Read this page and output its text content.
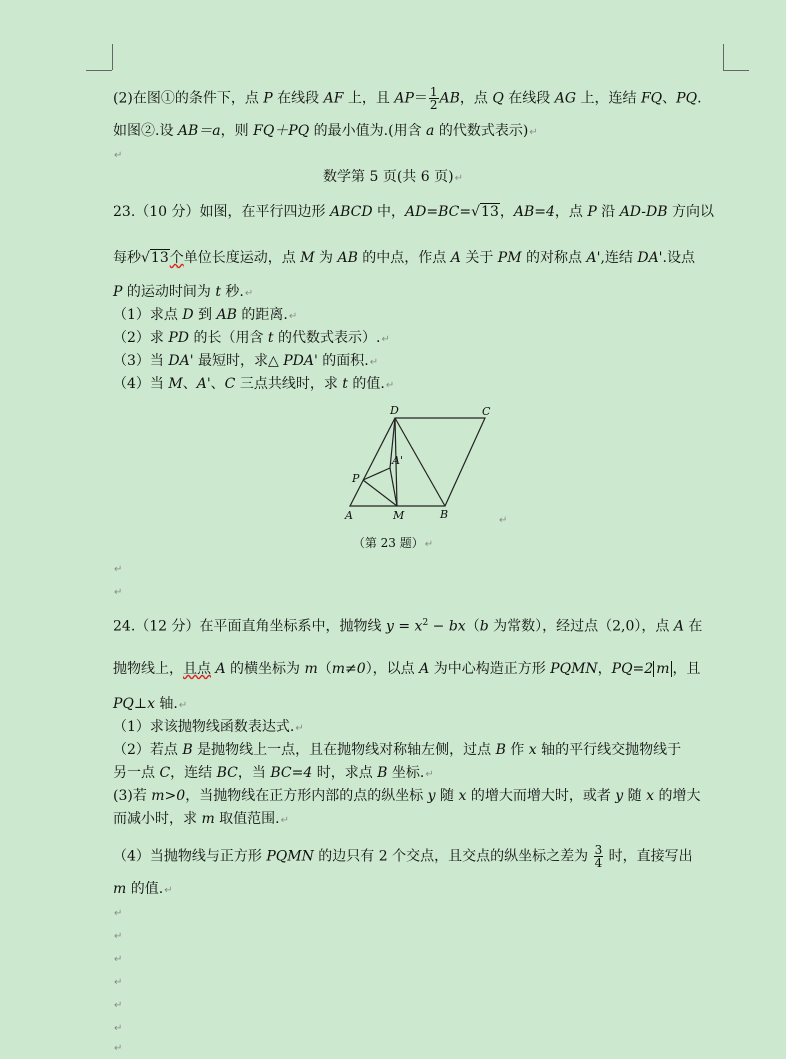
(2)在图①的条件下，点 P 在线段 AF 上，且 $AP= \frac{1}{2}$ AB，点 Q 在线段 AG 上，连结 FQ、PQ.
如图②.设 AB＝a，则 FQ＋PQ 的最小值为.(用含 a 的代数式表示)↵
↵
数学第 5 页(共 6 页)↵
23.（10 分）如图，在平行四边形 ABCD 中，AD=BC=√13，AB=4，点 P 沿 AD-DB 方向以
每秒√13个单位长度运动，点 M 为 AB 的中点，作点 A 关于 PM 的对称点 A',连结 DA'.设点
P 的运动时间为 t 秒.↵
（1）求点 D 到 AB 的距离.↵
（2）求 PD 的长（用含 t 的代数式表示）.↵
（3）当 DA' 最短时，求△ PDA' 的面积.↵
（4）当 M、A'、C 三点共线时，求 t 的值.↵
D	C
A'
P
A	M	B	↵
（第 23 题）↵
↵
↵
24.（12 分）在平面直角坐标系中，抛物线 $y = x^2 - bx(b$ 为常数），经过点（2,0），点 A 在
抛物线上，且点 A 的横坐标为 m（m≠0），以点 A 为中心构造正方形 PQMN，PQ=2 m ，且
PQ⊥x 轴.↵
（1）求该抛物线函数表达式.↵
（2）若点 B 是抛物线上一点，且在抛物线对称轴左侧，过点 B 作 x 轴的平行线交抛物线于
另一点 C，连结 BC，当 BC=4 时，求点 B 坐标.↵
(3)若 m>0，当抛物线在正方形内部的点的纵坐标 y 随 x 的增大而增大时，或者 y 随 x 的增大
而减小时，求 m 取值范围.↵
（4）当抛物线与正方形 PQMN 的边只有 2 个交点，且交点的纵坐标之差为 $\frac{3}{4}$ 时，直接写出
m 的值.↵
↵
↵
↵
↵
↵
↵
↵
